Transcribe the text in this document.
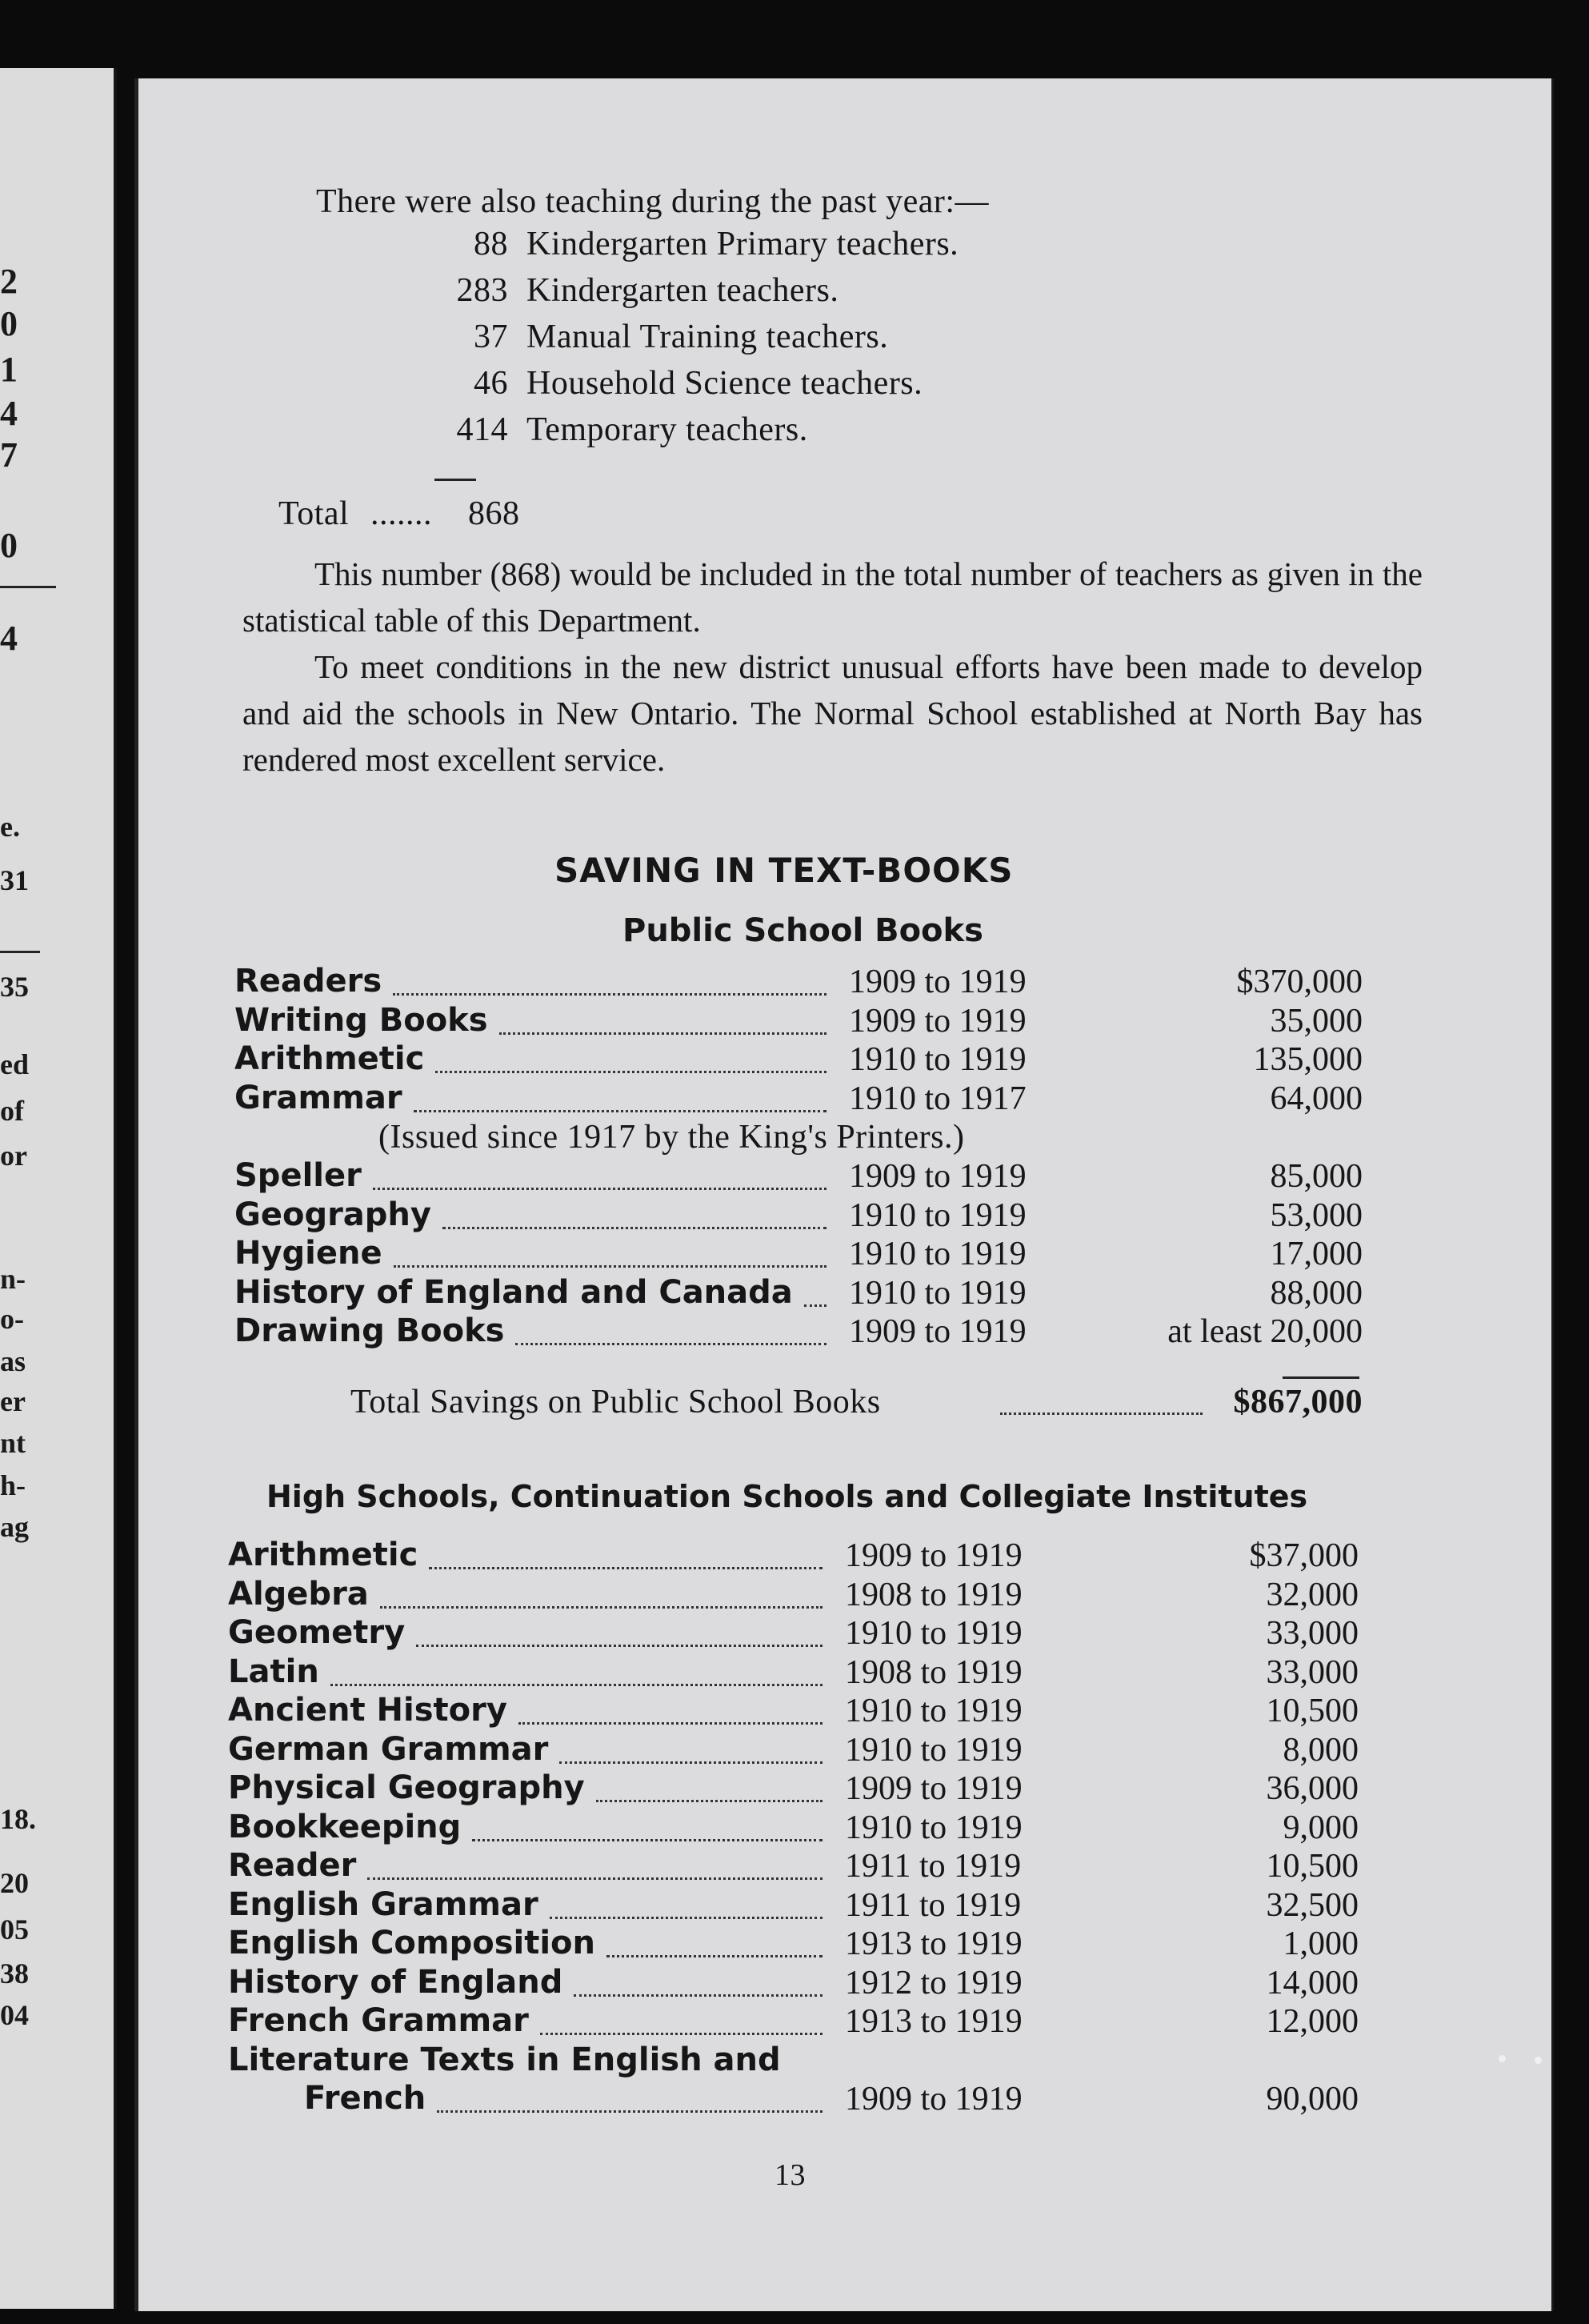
2
0
1
4
7
0
4
e.
31
35
ed
of
or
n-
o-
as
er
nt
h-
ag
18.
20
05
38
04
There were also teaching during the past year:—
88 Kindergarten Primary teachers.
283 Kindergarten teachers.
37 Manual Training teachers.
46 Household Science teachers.
414 Temporary teachers.
Total ....... 868
This number (868) would be included in the total number of teachers as given in the statistical table of this Department.
To meet conditions in the new district unusual efforts have been made to develop and aid the schools in New Ontario. The Normal School established at North Bay has rendered most excellent service.
SAVING IN TEXT-BOOKS
Public School Books
Readers	1909 to 1919	$370,000
Writing Books	1909 to 1919	35,000
Arithmetic	1910 to 1919	135,000
Grammar	1910 to 1917	64,000
(Issued since 1917 by the King's Printers.)
Speller	1909 to 1919	85,000
Geography	1910 to 1919	53,000
Hygiene	1910 to 1919	17,000
History of England and Canada 1910 to 1919	88,000
Drawing Books	1909 to 1919	at least 20,000
Total Savings on Public School Books	$867,000
High Schools, Continuation Schools and Collegiate Institutes
Arithmetic	1909 to 1919	$37,000
Algebra	1908 to 1919	32,000
Geometry	1910 to 1919	33,000
Latin	1908 to 1919	33,000
Ancient History	1910 to 1919	10,500
German Grammar	1910 to 1919	8,000
Physical Geography	1909 to 1919	36,000
Bookkeeping	1910 to 1919	9,000
Reader	1911 to 1919	10,500
English Grammar	1911 to 1919	32,500
English Composition	1913 to 1919	1,000
History of England	1912 to 1919	14,000
French Grammar	1913 to 1919	12,000
Literature Texts in English and
French	1909 to 1919	90,000
13
